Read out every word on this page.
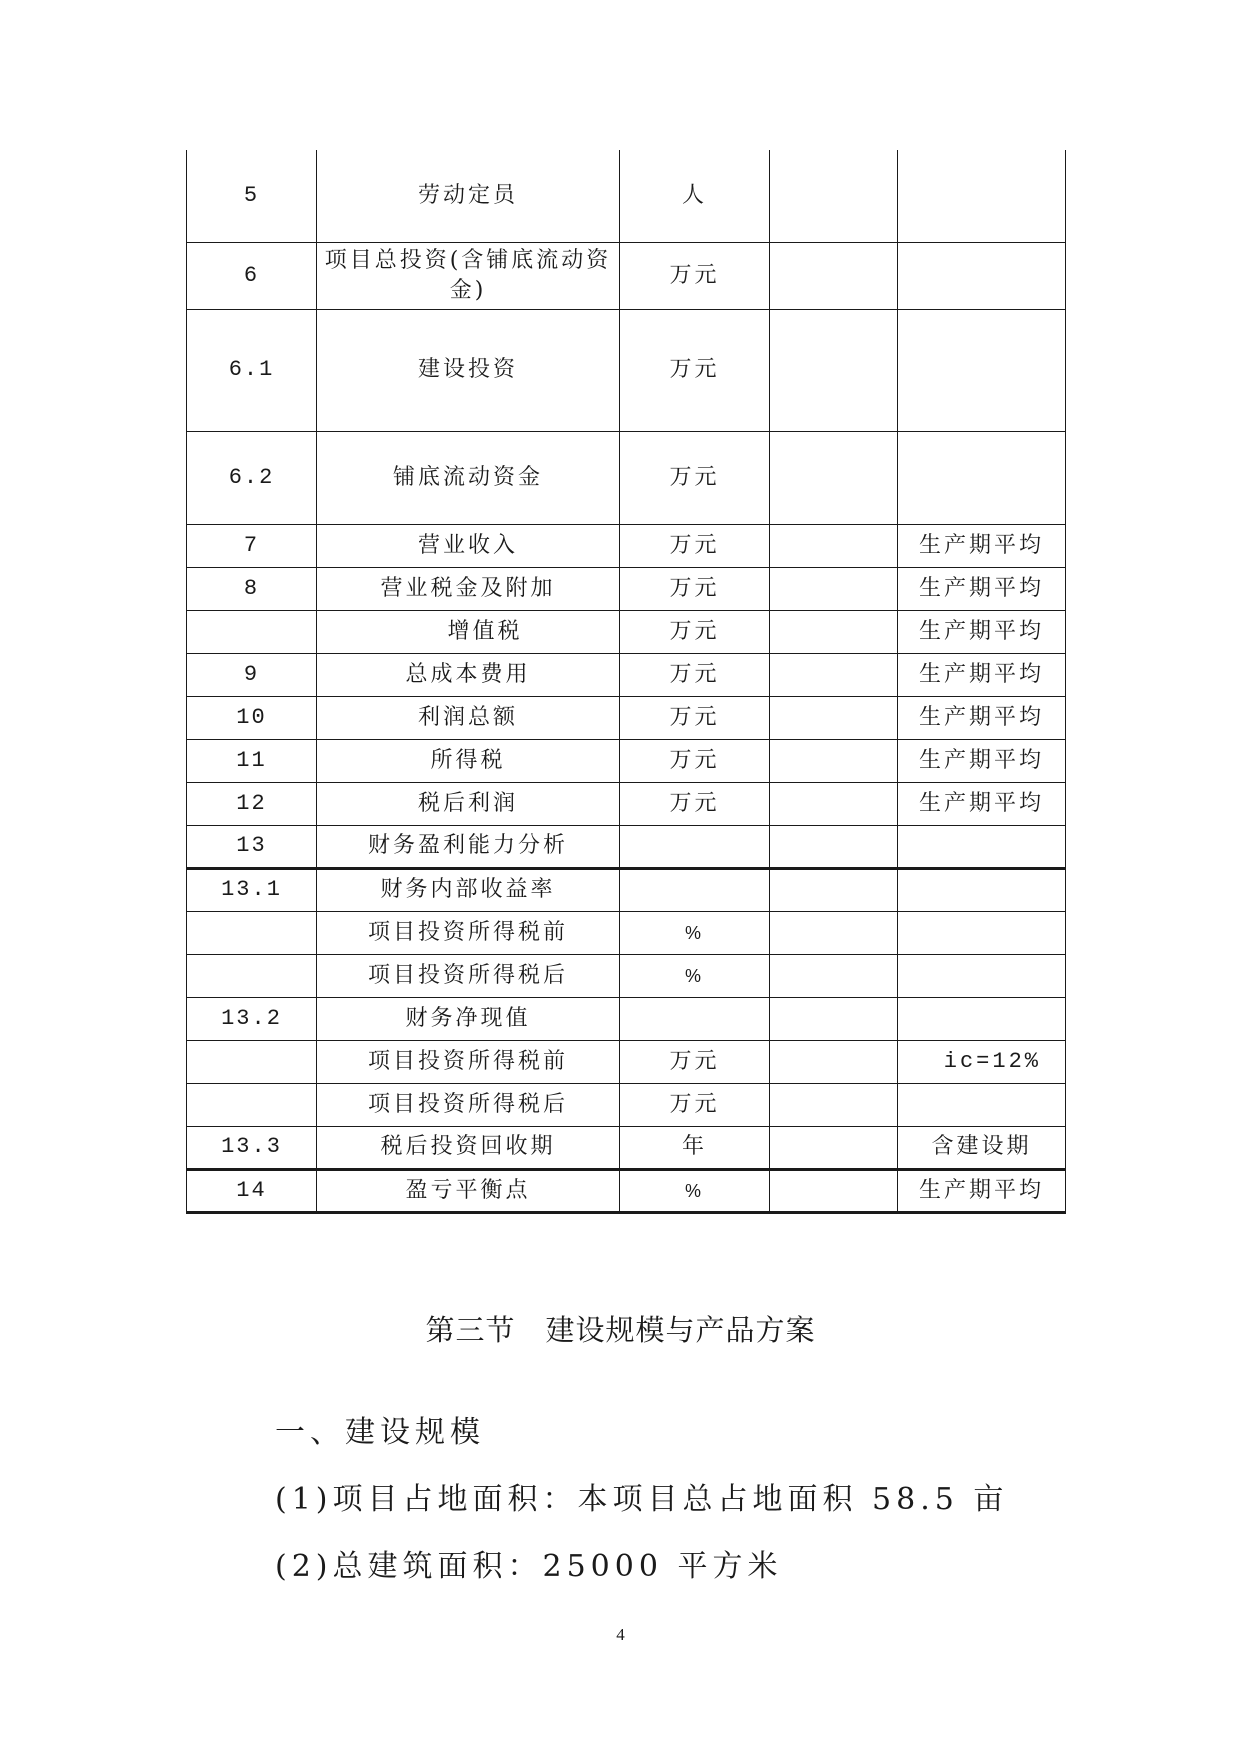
5	劳动定员	人		
6	项目总投资(含铺底流动资金)	万元		
6.1	建设投资	万元		
6.2	铺底流动资金	万元		
7	营业收入	万元		生产期平均
8	营业税金及附加	万元		生产期平均
	增值税	万元		生产期平均
9	总成本费用	万元		生产期平均
10	利润总额	万元		生产期平均
11	所得税	万元		生产期平均
12	税后利润	万元		生产期平均
13	财务盈利能力分析			
13.1	财务内部收益率			
	项目投资所得税前	%		
	项目投资所得税后	%		
13.2	财务净现值			
	项目投资所得税前	万元		ic=12%
	项目投资所得税后	万元		
13.3	税后投资回收期	年		含建设期
14	盈亏平衡点	%		生产期平均
第三节　建设规模与产品方案
一、建设规模
(1)项目占地面积：本项目总占地面积 58.5 亩
(2)总建筑面积：25000 平方米
4
